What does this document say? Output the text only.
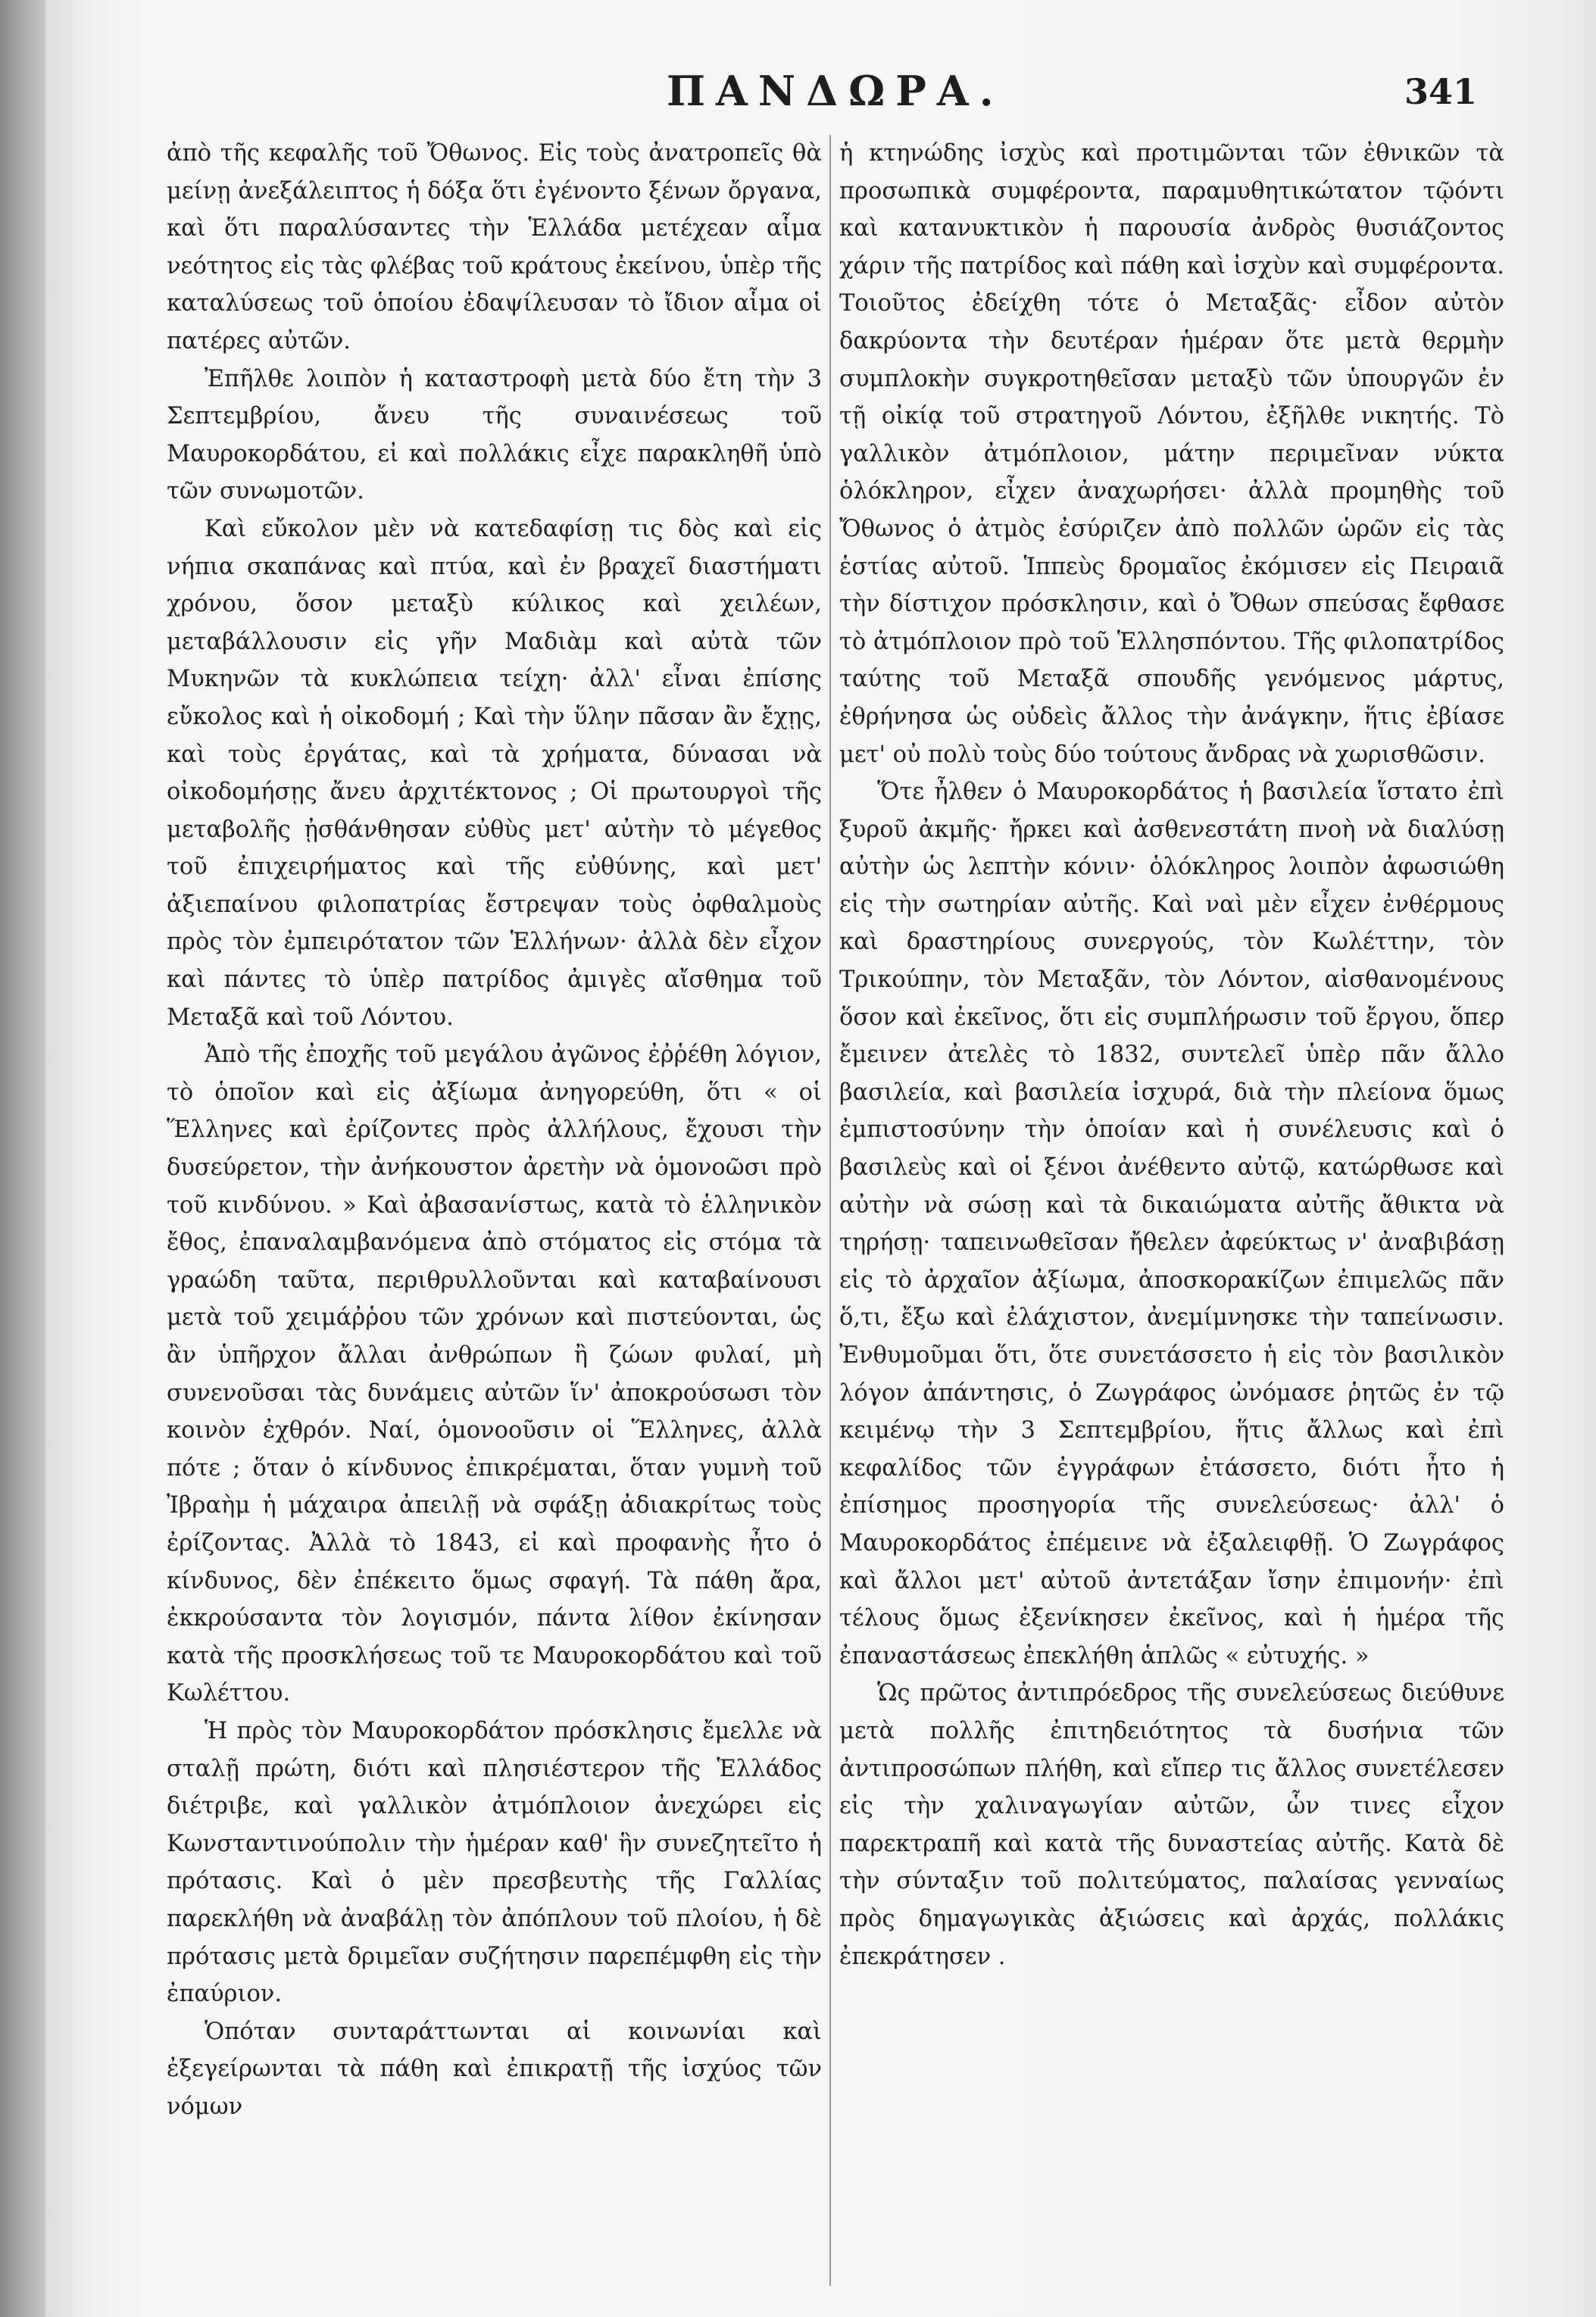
ΠΑΝΔΩΡΑ.	341

ἀπὸ τῆς κεφαλῆς τοῦ Ὄθωνος. Εἰς τοὺς ἀνατροπεῖς θὰ μείνῃ ἀνεξάλειπτος ἡ δόξα ὅτι ἐγένοντο ξένων ὄργανα, καὶ ὅτι παραλύσαντες τὴν Ἑλλάδα μετέχεαν αἷμα νεότητος εἰς τὰς φλέβας τοῦ κράτους ἐκείνου, ὑπὲρ τῆς καταλύσεως τοῦ ὁποίου ἐδαψίλευσαν τὸ ἴδιον αἷμα οἱ πατέρες αὐτῶν.

Ἐπῆλθε λοιπὸν ἡ καταστροφὴ μετὰ δύο ἔτη τὴν 3 Σεπτεμβρίου, ἄνευ τῆς συναινέσεως τοῦ Μαυροκορδάτου, εἰ καὶ πολλάκις εἶχε παρακληθῆ ὑπὸ τῶν συνωμοτῶν.

Καὶ εὔκολον μὲν νὰ κατεδαφίσῃ τις δὸς καὶ εἰς νήπια σκαπάνας καὶ πτύα, καὶ ἐν βραχεῖ διαστήματι χρόνου, ὅσον μεταξὺ κύλικος καὶ χειλέων, μεταβάλλουσιν εἰς γῆν Μαδιὰμ καὶ αὐτὰ τῶν Μυκηνῶν τὰ κυκλώπεια τείχη· ἀλλ' εἶναι ἐπίσης εὔκολος καὶ ἡ οἰκοδομή ; Καὶ τὴν ὕλην πᾶσαν ἂν ἔχῃς, καὶ τοὺς ἐργάτας, καὶ τὰ χρήματα, δύνασαι νὰ οἰκοδομήσῃς ἄνευ ἀρχιτέκτονος ; Οἱ πρωτουργοὶ τῆς μεταβολῆς ᾐσθάνθησαν εὐθὺς μετ' αὐτὴν τὸ μέγεθος τοῦ ἐπιχειρήματος καὶ τῆς εὐθύνης, καὶ μετ' ἀξιεπαίνου φιλοπατρίας ἔστρεψαν τοὺς ὀφθαλμοὺς πρὸς τὸν ἐμπειρότατον τῶν Ἑλλήνων· ἀλλὰ δὲν εἶχον καὶ πάντες τὸ ὑπὲρ πατρίδος ἀμιγὲς αἴσθημα τοῦ Μεταξᾶ καὶ τοῦ Λόντου.

Ἀπὸ τῆς ἐποχῆς τοῦ μεγάλου ἀγῶνος ἐῤῥέθη λόγιον, τὸ ὁποῖον καὶ εἰς ἀξίωμα ἀνηγορεύθη, ὅτι « οἱ Ἕλληνες καὶ ἐρίζοντες πρὸς ἀλλήλους, ἔχουσι τὴν δυσεύρετον, τὴν ἀνήκουστον ἀρετὴν νὰ ὁμονοῶσι πρὸ τοῦ κινδύνου. » Καὶ ἀβασανίστως, κατὰ τὸ ἑλληνικὸν ἔθος, ἐπαναλαμβανόμενα ἀπὸ στόματος εἰς στόμα τὰ γραώδη ταῦτα, περιθρυλλοῦνται καὶ καταβαίνουσι μετὰ τοῦ χειμάῤῥου τῶν χρόνων καὶ πιστεύονται, ὡς ἂν ὑπῆρχον ἄλλαι ἀνθρώπων ἢ ζώων φυλαί, μὴ συνενοῦσαι τὰς δυνάμεις αὐτῶν ἵν' ἀποκρούσωσι τὸν κοινὸν ἐχθρόν. Ναί, ὁμονοοῦσιν οἱ Ἕλληνες, ἀλλὰ πότε ; ὅταν ὁ κίνδυνος ἐπικρέμαται, ὅταν γυμνὴ τοῦ Ἰβραὴμ ἡ μάχαιρα ἀπειλῇ νὰ σφάξῃ ἀδιακρίτως τοὺς ἐρίζοντας. Ἀλλὰ τὸ 1843, εἰ καὶ προφανὴς ἦτο ὁ κίνδυνος, δὲν ἐπέκειτο ὅμως σφαγή. Τὰ πάθη ἄρα, ἐκκρούσαντα τὸν λογισμόν, πάντα λίθον ἐκίνησαν κατὰ τῆς προσκλήσεως τοῦ τε Μαυροκορδάτου καὶ τοῦ Κωλέττου.

Ἡ πρὸς τὸν Μαυροκορδάτον πρόσκλησις ἔμελλε νὰ σταλῇ πρώτη, διότι καὶ πλησιέστερον τῆς Ἑλλάδος διέτριβε, καὶ γαλλικὸν ἀτμόπλοιον ἀνεχώρει εἰς Κωνσταντινούπολιν τὴν ἡμέραν καθ' ἣν συνεζητεῖτο ἡ πρότασις. Καὶ ὁ μὲν πρεσβευτὴς τῆς Γαλλίας παρεκλήθη νὰ ἀναβάλῃ τὸν ἀπόπλουν τοῦ πλοίου, ἡ δὲ πρότασις μετὰ δριμεῖαν συζήτησιν παρεπέμφθη εἰς τὴν ἐπαύριον.

Ὁπόταν συνταράττωνται αἱ κοινωνίαι καὶ ἐξεγείρωνται τὰ πάθη καὶ ἐπικρατῇ τῆς ἰσχύος τῶν νόμων

ἡ κτηνώδης ἰσχὺς καὶ προτιμῶνται τῶν ἐθνικῶν τὰ προσωπικὰ συμφέροντα, παραμυθητικώτατον τῷόντι καὶ κατανυκτικὸν ἡ παρουσία ἀνδρὸς θυσιάζοντος χάριν τῆς πατρίδος καὶ πάθη καὶ ἰσχὺν καὶ συμφέροντα. Τοιοῦτος ἐδείχθη τότε ὁ Μεταξᾶς· εἶδον αὐτὸν δακρύοντα τὴν δευτέραν ἡμέραν ὅτε μετὰ θερμὴν συμπλοκὴν συγκροτηθεῖσαν μεταξὺ τῶν ὑπουργῶν ἐν τῇ οἰκίᾳ τοῦ στρατηγοῦ Λόντου, ἐξῆλθε νικητής. Τὸ γαλλικὸν ἀτμόπλοιον, μάτην περιμεῖναν νύκτα ὁλόκληρον, εἶχεν ἀναχωρήσει· ἀλλὰ προμηθὴς τοῦ Ὄθωνος ὁ ἀτμὸς ἐσύριζεν ἀπὸ πολλῶν ὡρῶν εἰς τὰς ἑστίας αὐτοῦ. Ἱππεὺς δρομαῖος ἐκόμισεν εἰς Πειραιᾶ τὴν δίστιχον πρόσκλησιν, καὶ ὁ Ὄθων σπεύσας ἔφθασε τὸ ἀτμόπλοιον πρὸ τοῦ Ἑλλησπόντου. Τῆς φιλοπατρίδος ταύτης τοῦ Μεταξᾶ σπουδῆς γενόμενος μάρτυς, ἐθρήνησα ὡς οὐδεὶς ἄλλος τὴν ἀνάγκην, ἥτις ἐβίασε μετ' οὐ πολὺ τοὺς δύο τούτους ἄνδρας νὰ χωρισθῶσιν.

Ὅτε ἦλθεν ὁ Μαυροκορδάτος ἡ βασιλεία ἵστατο ἐπὶ ξυροῦ ἀκμῆς· ἤρκει καὶ ἀσθενεστάτη πνοὴ νὰ διαλύσῃ αὐτὴν ὡς λεπτὴν κόνιν· ὁλόκληρος λοιπὸν ἀφωσιώθη εἰς τὴν σωτηρίαν αὐτῆς. Καὶ ναὶ μὲν εἶχεν ἐνθέρμους καὶ δραστηρίους συνεργούς, τὸν Κωλέττην, τὸν Τρικούπην, τὸν Μεταξᾶν, τὸν Λόντον, αἰσθανομένους ὅσον καὶ ἐκεῖνος, ὅτι εἰς συμπλήρωσιν τοῦ ἔργου, ὅπερ ἔμεινεν ἀτελὲς τὸ 1832, συντελεῖ ὑπὲρ πᾶν ἄλλο βασιλεία, καὶ βασιλεία ἰσχυρά, διὰ τὴν πλείονα ὅμως ἐμπιστοσύνην τὴν ὁποίαν καὶ ἡ συνέλευσις καὶ ὁ βασιλεὺς καὶ οἱ ξένοι ἀνέθεντο αὐτῷ, κατώρθωσε καὶ αὐτὴν νὰ σώσῃ καὶ τὰ δικαιώματα αὐτῆς ἄθικτα νὰ τηρήσῃ· ταπεινωθεῖσαν ἤθελεν ἀφεύκτως ν' ἀναβιβάσῃ εἰς τὸ ἀρχαῖον ἀξίωμα, ἀποσκορακίζων ἐπιμελῶς πᾶν ὅ,τι, ἔξω καὶ ἐλάχιστον, ἀνεμίμνησκε τὴν ταπείνωσιν. Ἐνθυμοῦμαι ὅτι, ὅτε συνετάσσετο ἡ εἰς τὸν βασιλικὸν λόγον ἀπάντησις, ὁ Ζωγράφος ὠνόμασε ῥητῶς ἐν τῷ κειμένῳ τὴν 3 Σεπτεμβρίου, ἥτις ἄλλως καὶ ἐπὶ κεφαλίδος τῶν ἐγγράφων ἐτάσσετο, διότι ἦτο ἡ ἐπίσημος προσηγορία τῆς συνελεύσεως· ἀλλ' ὁ Μαυροκορδάτος ἐπέμεινε νὰ ἐξαλειφθῇ. Ὁ Ζωγράφος καὶ ἄλλοι μετ' αὐτοῦ ἀντετάξαν ἴσην ἐπιμονήν· ἐπὶ τέλους ὅμως ἐξενίκησεν ἐκεῖνος, καὶ ἡ ἡμέρα τῆς ἐπαναστάσεως ἐπεκλήθη ἁπλῶς « εὐτυχής. »

Ὡς πρῶτος ἀντιπρόεδρος τῆς συνελεύσεως διεύθυνε μετὰ πολλῆς ἐπιτηδειότητος τὰ δυσήνια τῶν ἀντιπροσώπων πλήθη, καὶ εἴπερ τις ἄλλος συνετέλεσεν εἰς τὴν χαλιναγωγίαν αὐτῶν, ὧν τινες εἶχον παρεκτραπῆ καὶ κατὰ τῆς δυναστείας αὐτῆς. Κατὰ δὲ τὴν σύνταξιν τοῦ πολιτεύματος, παλαίσας γενναίως πρὸς δημαγωγικὰς ἀξιώσεις καὶ ἀρχάς, πολλάκις ἐπεκράτησεν .
